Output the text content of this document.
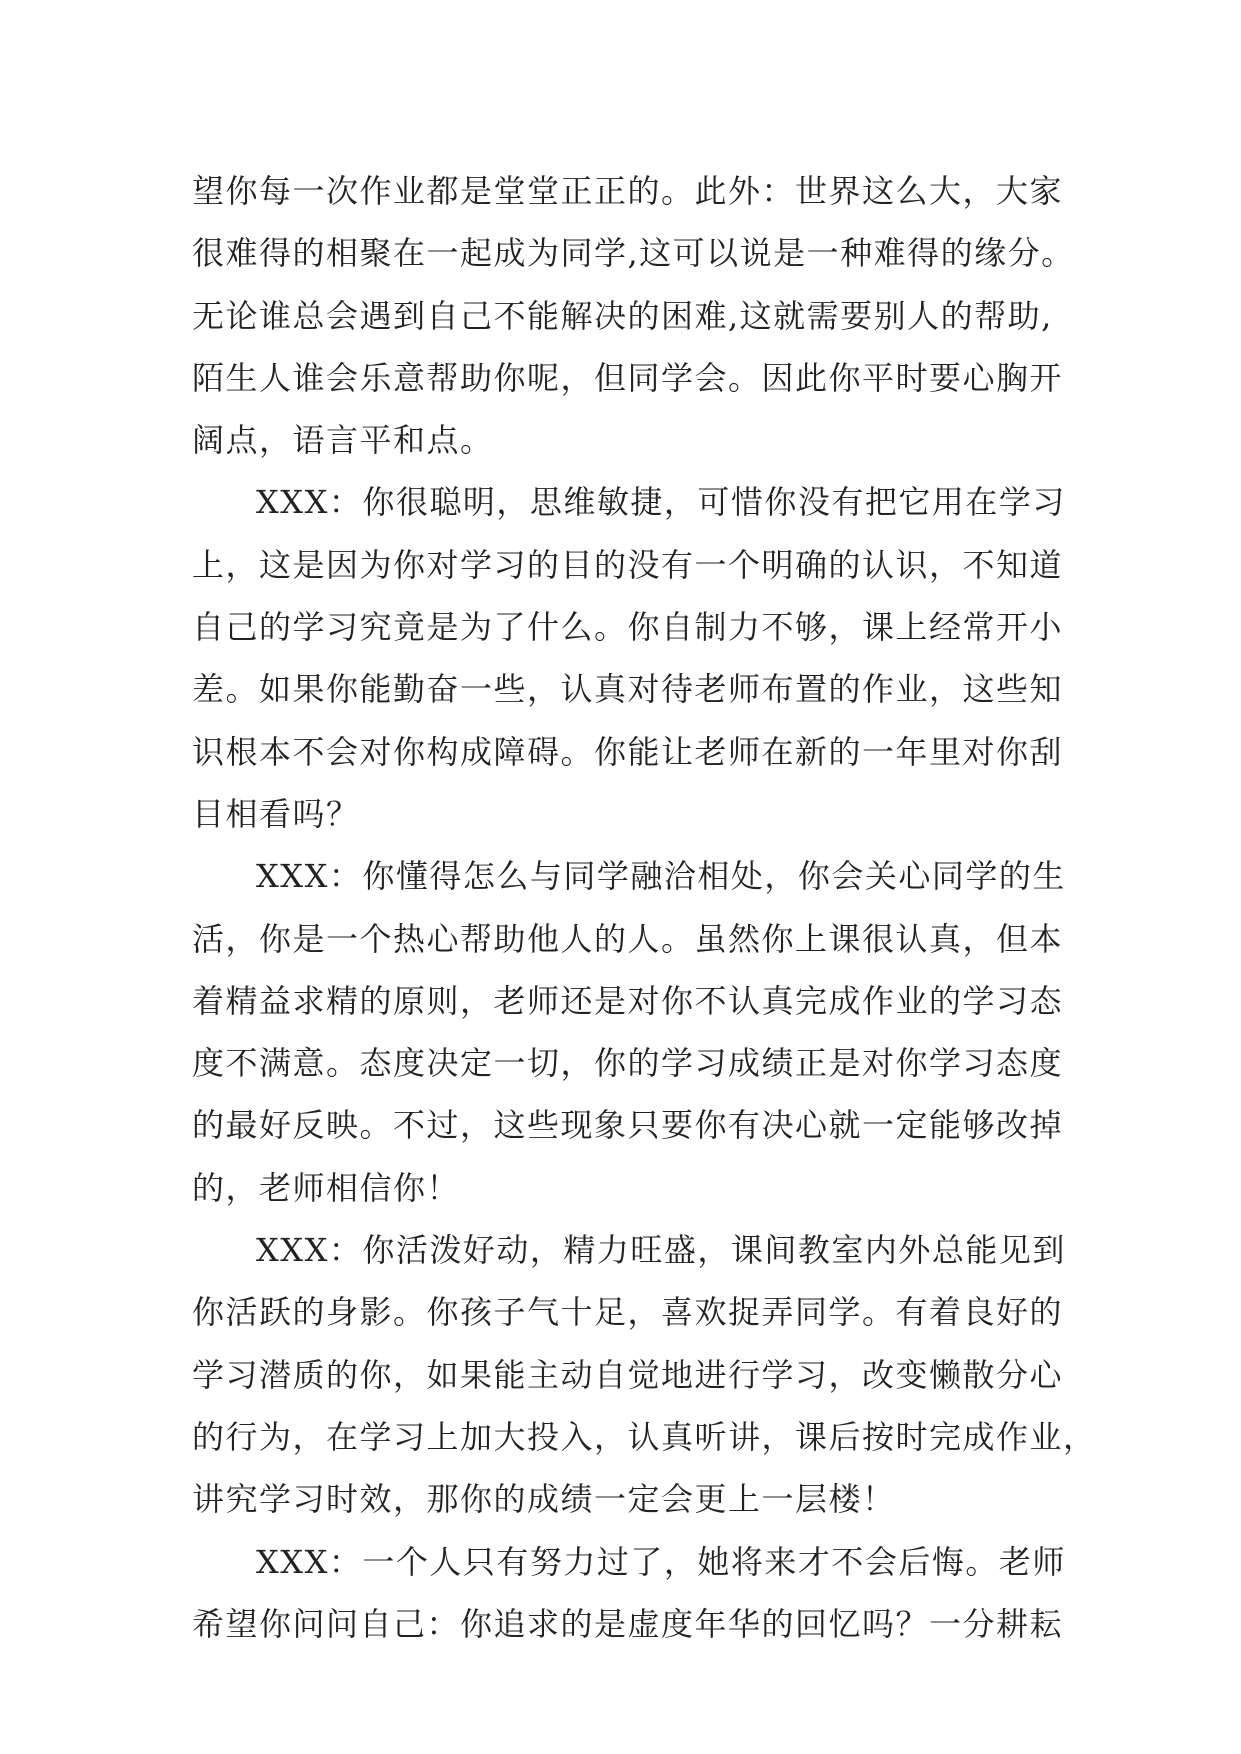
望你每一次作业都是堂堂正正的。此外：世界这么大，大家
很难得的相聚在一起成为同学,这可以说是一种难得的缘分。
无论谁总会遇到自己不能解决的困难,这就需要别人的帮助,
陌生人谁会乐意帮助你呢，但同学会。因此你平时要心胸开
阔点，语言平和点。
XXX：你很聪明，思维敏捷，可惜你没有把它用在学习
上，这是因为你对学习的目的没有一个明确的认识，不知道
自己的学习究竟是为了什么。你自制力不够，课上经常开小
差。如果你能勤奋一些，认真对待老师布置的作业，这些知
识根本不会对你构成障碍。你能让老师在新的一年里对你刮
目相看吗？
XXX：你懂得怎么与同学融洽相处，你会关心同学的生
活，你是一个热心帮助他人的人。虽然你上课很认真，但本
着精益求精的原则，老师还是对你不认真完成作业的学习态
度不满意。态度决定一切，你的学习成绩正是对你学习态度
的最好反映。不过，这些现象只要你有决心就一定能够改掉
的，老师相信你！
XXX：你活泼好动，精力旺盛，课间教室内外总能见到
你活跃的身影。你孩子气十足，喜欢捉弄同学。有着良好的
学习潜质的你，如果能主动自觉地进行学习，改变懒散分心
的行为，在学习上加大投入，认真听讲，课后按时完成作业，
讲究学习时效，那你的成绩一定会更上一层楼！
XXX：一个人只有努力过了，她将来才不会后悔。老师
希望你问问自己：你追求的是虚度年华的回忆吗？一分耕耘
